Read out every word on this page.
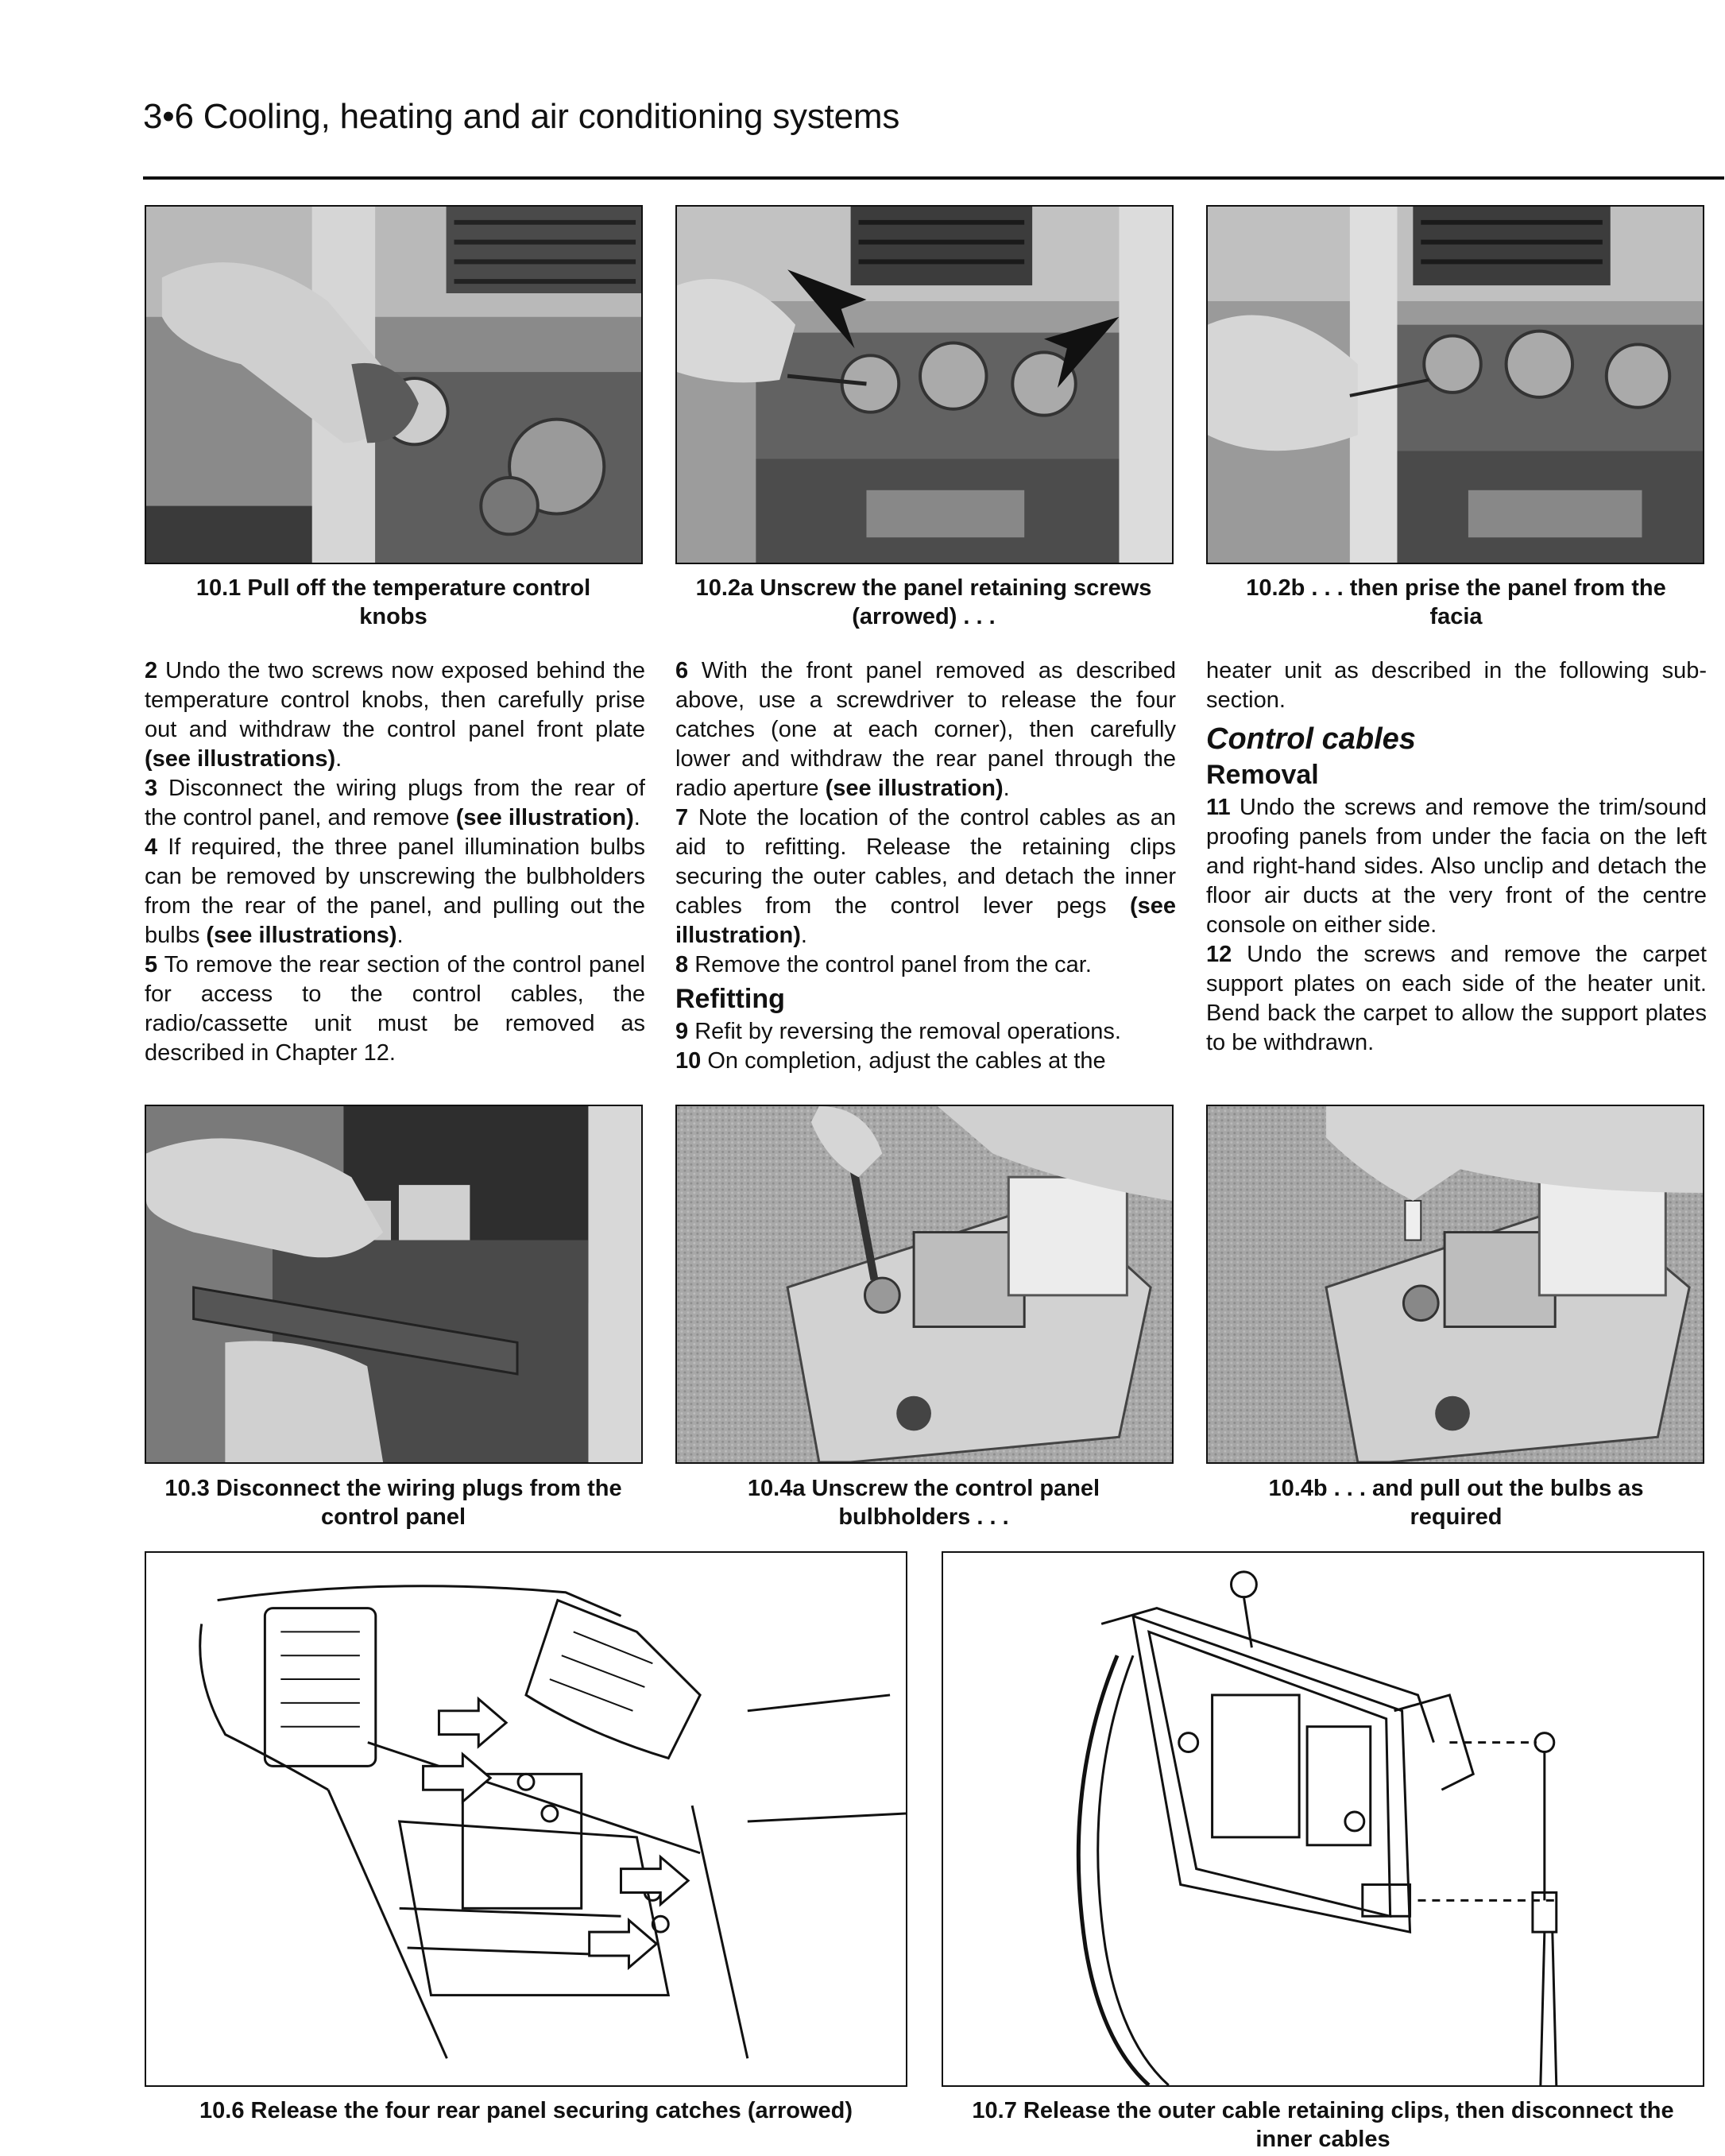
3•6 Cooling, heating and air conditioning systems
10.1 Pull off the temperature control knobs
10.2a Unscrew the panel retaining screws (arrowed) . . .
10.2b . . . then prise the panel from the facia

2 Undo the two screws now exposed behind the temperature control knobs, then carefully prise out and withdraw the control panel front plate (see illustrations).

3 Disconnect the wiring plugs from the rear of the control panel, and remove (see illustration).

4 If required, the three panel illumination bulbs can be removed by unscrewing the bulbholders from the rear of the panel, and pulling out the bulbs (see illustrations).

5 To remove the rear section of the control panel for access to the control cables, the radio/cassette unit must be removed as described in Chapter 12.

6 With the front panel removed as described above, use a screwdriver to release the four catches (one at each corner), then carefully lower and withdraw the rear panel through the radio aperture (see illustration).

7 Note the location of the control cables as an aid to refitting. Release the retaining clips securing the outer cables, and detach the inner cables from the control lever pegs (see illustration).

8 Remove the control panel from the car.

Refitting

9 Refit by reversing the removal operations.

10 On completion, adjust the cables at the

heater unit as described in the following sub-section.

Control cables
Removal

11 Undo the screws and remove the trim/sound proofing panels from under the facia on the left and right-hand sides. Also unclip and detach the floor air ducts at the very front of the centre console on either side.

12 Undo the screws and remove the carpet support plates on each side of the heater unit. Bend back the carpet to allow the support plates to be withdrawn.

10.3 Disconnect the wiring plugs from the control panel
10.4a Unscrew the control panel bulbholders . . .
10.4b . . . and pull out the bulbs as required
10.6 Release the four rear panel securing catches (arrowed)	10.7 Release the outer cable retaining clips, then disconnect the inner cables
